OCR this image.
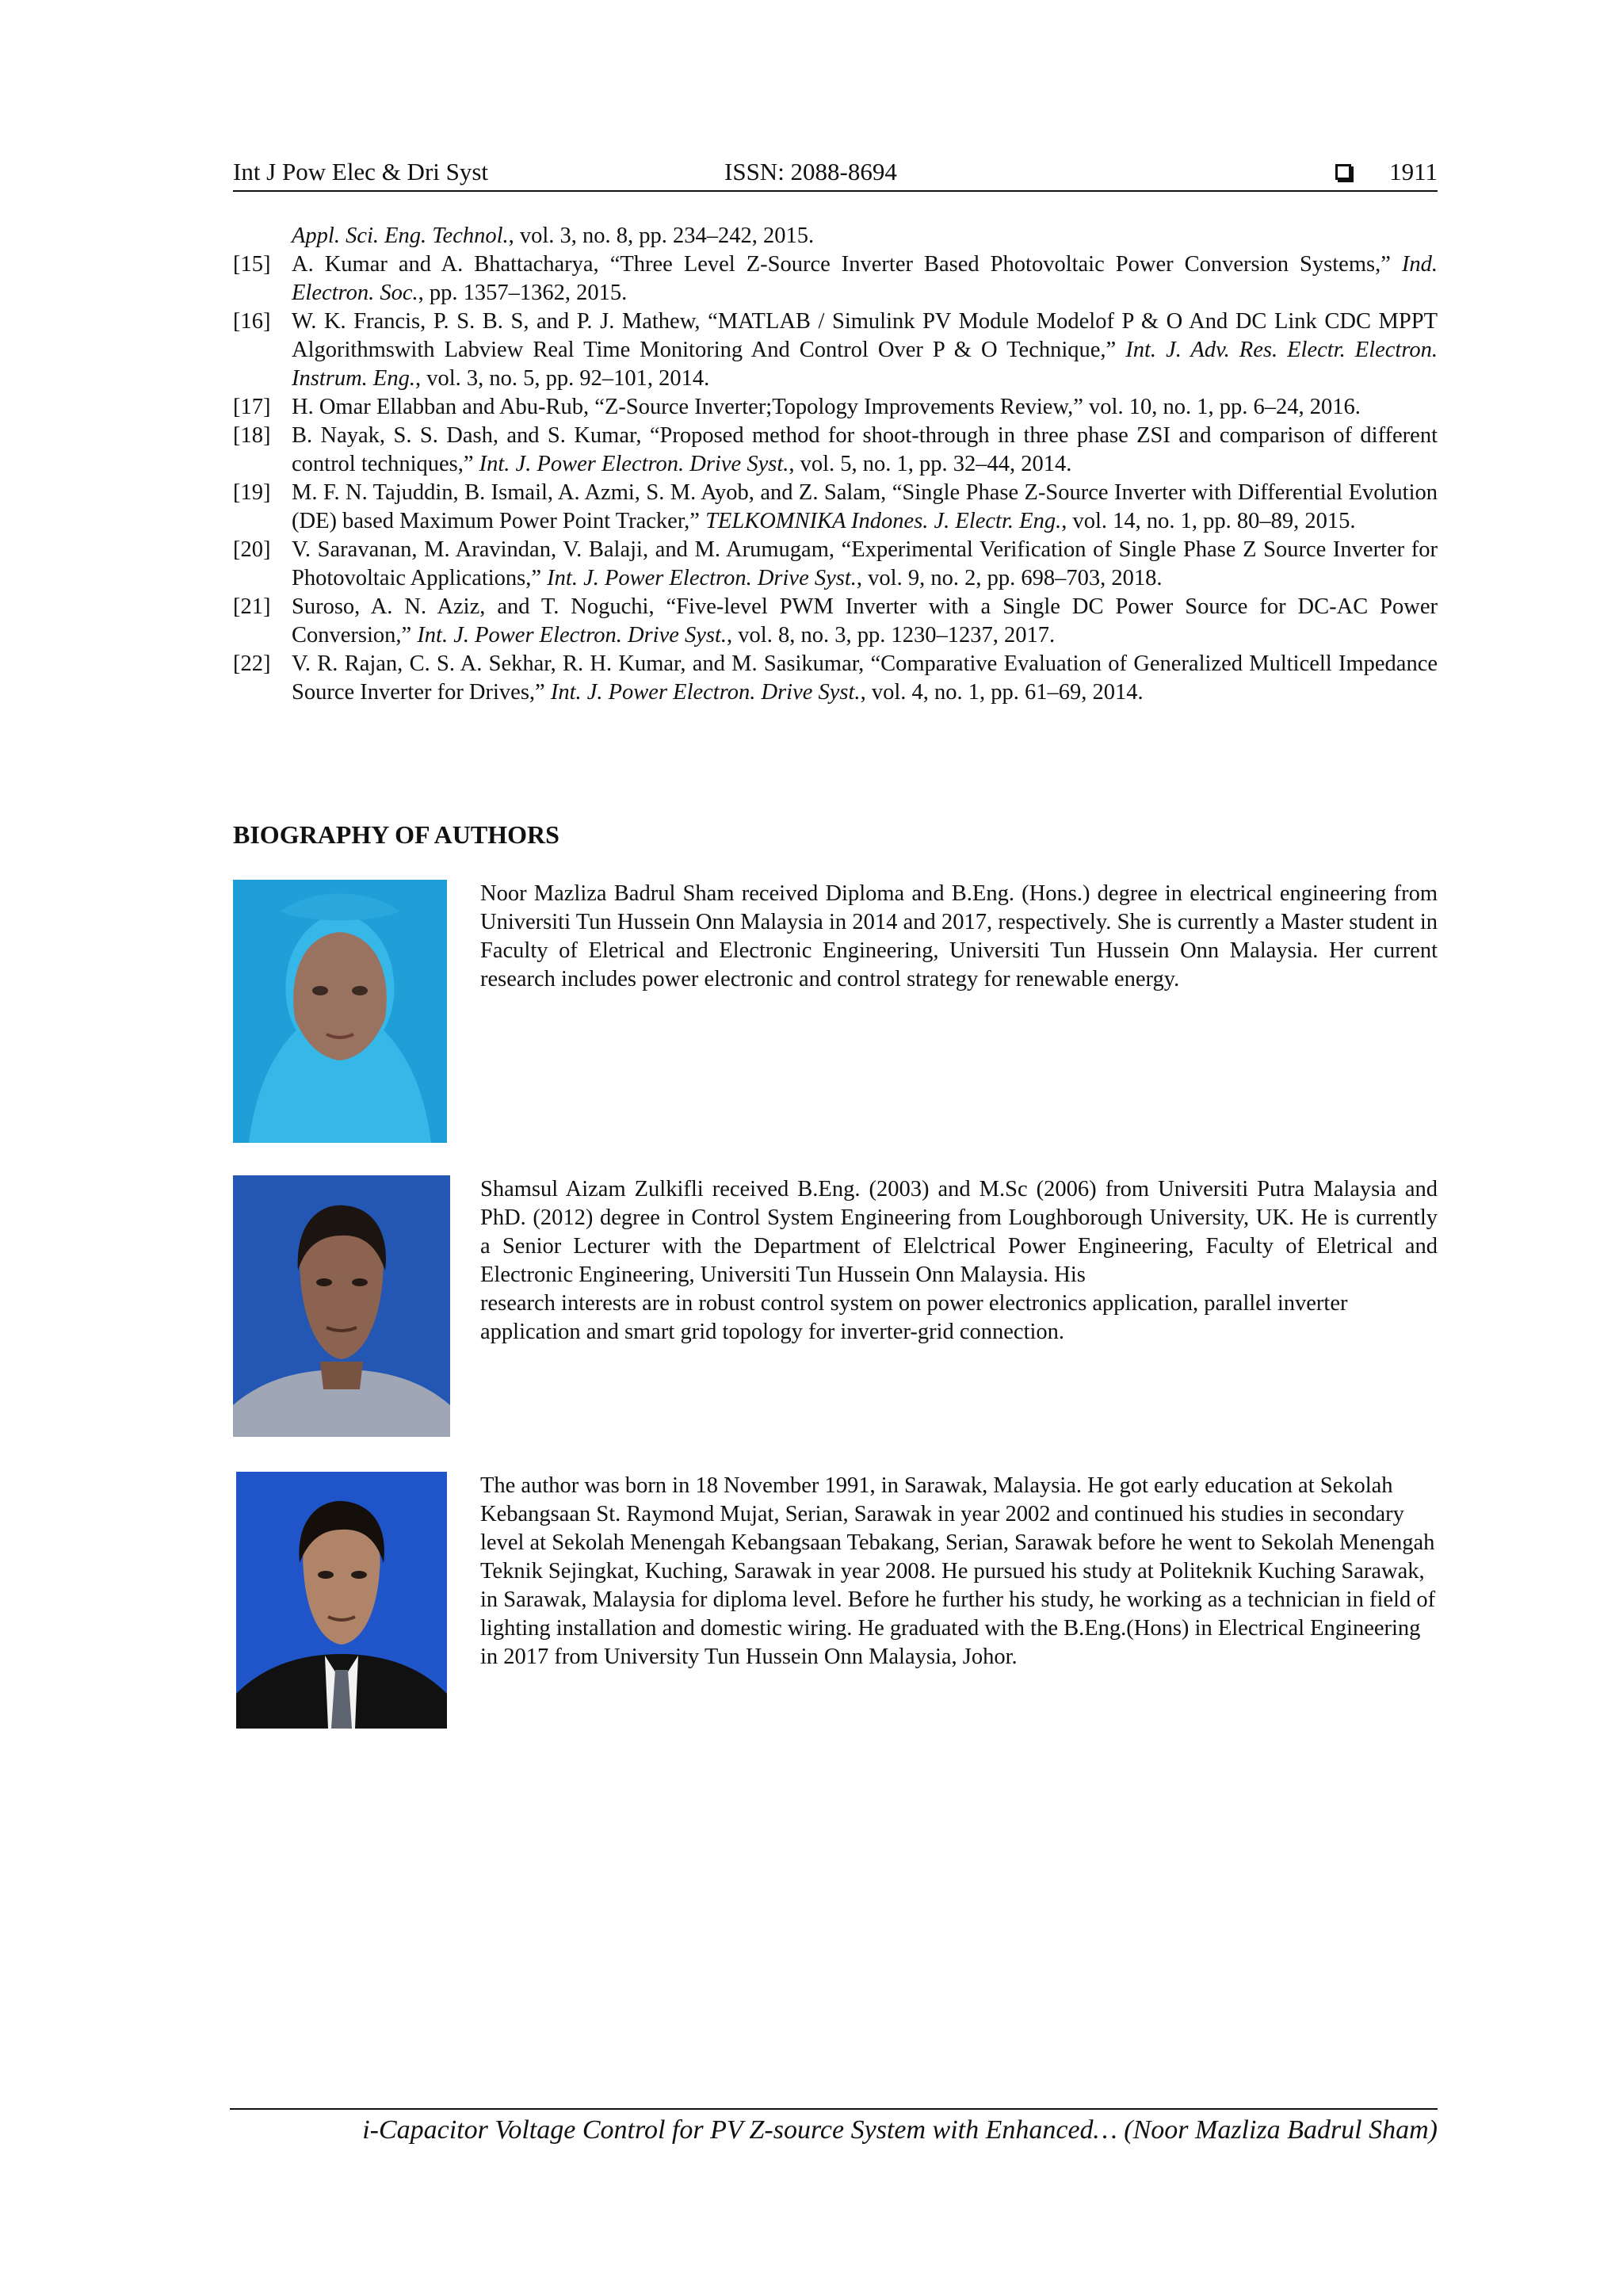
Int J Pow Elec & Dri Syst	ISSN: 2088-8694	1911
Appl. Sci. Eng. Technol., vol. 3, no. 8, pp. 234–242, 2015.
[15] A. Kumar and A. Bhattacharya, “Three Level Z-Source Inverter Based Photovoltaic Power Conversion Systems,” Ind. Electron. Soc., pp. 1357–1362, 2015.
[16] W. K. Francis, P. S. B. S, and P. J. Mathew, “MATLAB / Simulink PV Module Modelof P & O And DC Link CDC MPPT Algorithmswith Labview Real Time Monitoring And Control Over P & O Technique,” Int. J. Adv. Res. Electr. Electron. Instrum. Eng., vol. 3, no. 5, pp. 92–101, 2014.
[17] H. Omar Ellabban and Abu-Rub, “Z-Source Inverter;Topology Improvements Review,” vol. 10, no. 1, pp. 6–24, 2016.
[18] B. Nayak, S. S. Dash, and S. Kumar, “Proposed method for shoot-through in three phase ZSI and comparison of different control techniques,” Int. J. Power Electron. Drive Syst., vol. 5, no. 1, pp. 32–44, 2014.
[19] M. F. N. Tajuddin, B. Ismail, A. Azmi, S. M. Ayob, and Z. Salam, “Single Phase Z-Source Inverter with Differential Evolution (DE) based Maximum Power Point Tracker,” TELKOMNIKA Indones. J. Electr. Eng., vol. 14, no. 1, pp. 80–89, 2015.
[20] V. Saravanan, M. Aravindan, V. Balaji, and M. Arumugam, “Experimental Verification of Single Phase Z Source Inverter for Photovoltaic Applications,” Int. J. Power Electron. Drive Syst., vol. 9, no. 2, pp. 698–703, 2018.
[21] Suroso, A. N. Aziz, and T. Noguchi, “Five-level PWM Inverter with a Single DC Power Source for DC-AC Power Conversion,” Int. J. Power Electron. Drive Syst., vol. 8, no. 3, pp. 1230–1237, 2017.
[22] V. R. Rajan, C. S. A. Sekhar, R. H. Kumar, and M. Sasikumar, “Comparative Evaluation of Generalized Multicell Impedance Source Inverter for Drives,” Int. J. Power Electron. Drive Syst., vol. 4, no. 1, pp. 61–69, 2014.
BIOGRAPHY OF AUTHORS
Noor Mazliza Badrul Sham received Diploma and B.Eng. (Hons.) degree in electrical engineering from Universiti Tun Hussein Onn Malaysia in 2014 and 2017, respectively. She is currently a Master student in Faculty of Eletrical and Electronic Engineering, Universiti Tun Hussein Onn Malaysia. Her current research includes power electronic and control strategy for renewable energy.
Shamsul Aizam Zulkifli received B.Eng. (2003) and M.Sc (2006) from Universiti Putra Malaysia and PhD. (2012) degree in Control System Engineering from Loughborough University, UK. He is currently a Senior Lecturer with the Department of Elelctrical Power Engineering, Faculty of Eletrical and Electronic Engineering, Universiti Tun Hussein Onn Malaysia. His
research interests are in robust control system on power electronics application, parallel inverter application and smart grid topology for inverter-grid connection.
The author was born in 18 November 1991, in Sarawak, Malaysia. He got early education at Sekolah Kebangsaan St. Raymond Mujat, Serian, Sarawak in year 2002 and continued his studies in secondary level at Sekolah Menengah Kebangsaan Tebakang, Serian, Sarawak before he went to Sekolah Menengah Teknik Sejingkat, Kuching, Sarawak in year 2008. He pursued his study at Politeknik Kuching Sarawak, in Sarawak, Malaysia for diploma level. Before he further his study, he working as a technician in field of lighting installation and domestic wiring. He graduated with the B.Eng.(Hons) in Electrical Engineering in 2017 from University Tun Hussein Onn Malaysia, Johor.
i-Capacitor Voltage Control for PV Z-source System with Enhanced… (Noor Mazliza Badrul Sham)
